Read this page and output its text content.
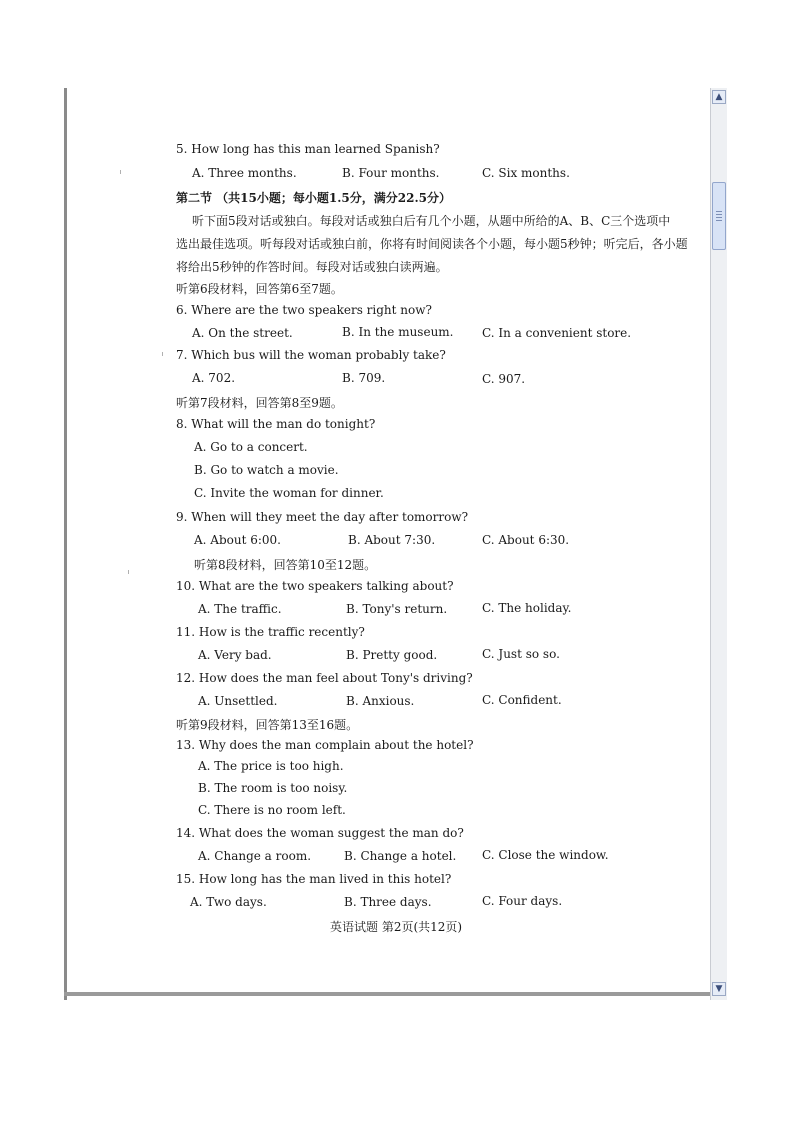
5. How long has this man learned Spanish?
A. Three months.	B. Four months.	C. Six months.
第二节 （共15小题；每小题1.5分，满分22.5分）
听下面5段对话或独白。每段对话或独白后有几个小题，从题中所给的A、B、C三个选项中
选出最佳选项。听每段对话或独白前，你将有时间阅读各个小题，每小题5秒钟；听完后，各小题
将给出5秒钟的作答时间。每段对话或独白读两遍。
听第6段材料，回答第6至7题。
6. Where are the two speakers right now?
A. On the street.	B. In the museum. C. In a convenient store.
7. Which bus will the woman probably take?
A. 702.	B. 709.	C. 907.
听第7段材料，回答第8至9题。
8. What will the man do tonight?
A. Go to a concert.
B. Go to watch a movie.
C. Invite the woman for dinner.
9. When will they meet the day after tomorrow?
A. About 6:00.	B. About 7:30.	C. About 6:30.
听第8段材料，回答第10至12题。
10. What are the two speakers talking about?
A. The traffic.	B. Tony's return.	C. The holiday.
11. How is the traffic recently?
A. Very bad.	B. Pretty good.	C. Just so so.
12. How does the man feel about Tony's driving?
A. Unsettled.	B. Anxious.	C. Confident.
听第9段材料，回答第13至16题。
13. Why does the man complain about the hotel?
A. The price is too high.
B. The room is too noisy.
C. There is no room left.
14. What does the woman suggest the man do?
A. Change a room.	B. Change a hotel. C. Close the window.
15. How long has the man lived in this hotel?
A. Two days.	B. Three days.	C. Four days.
英语试题 第2页(共12页)
▲
▼
